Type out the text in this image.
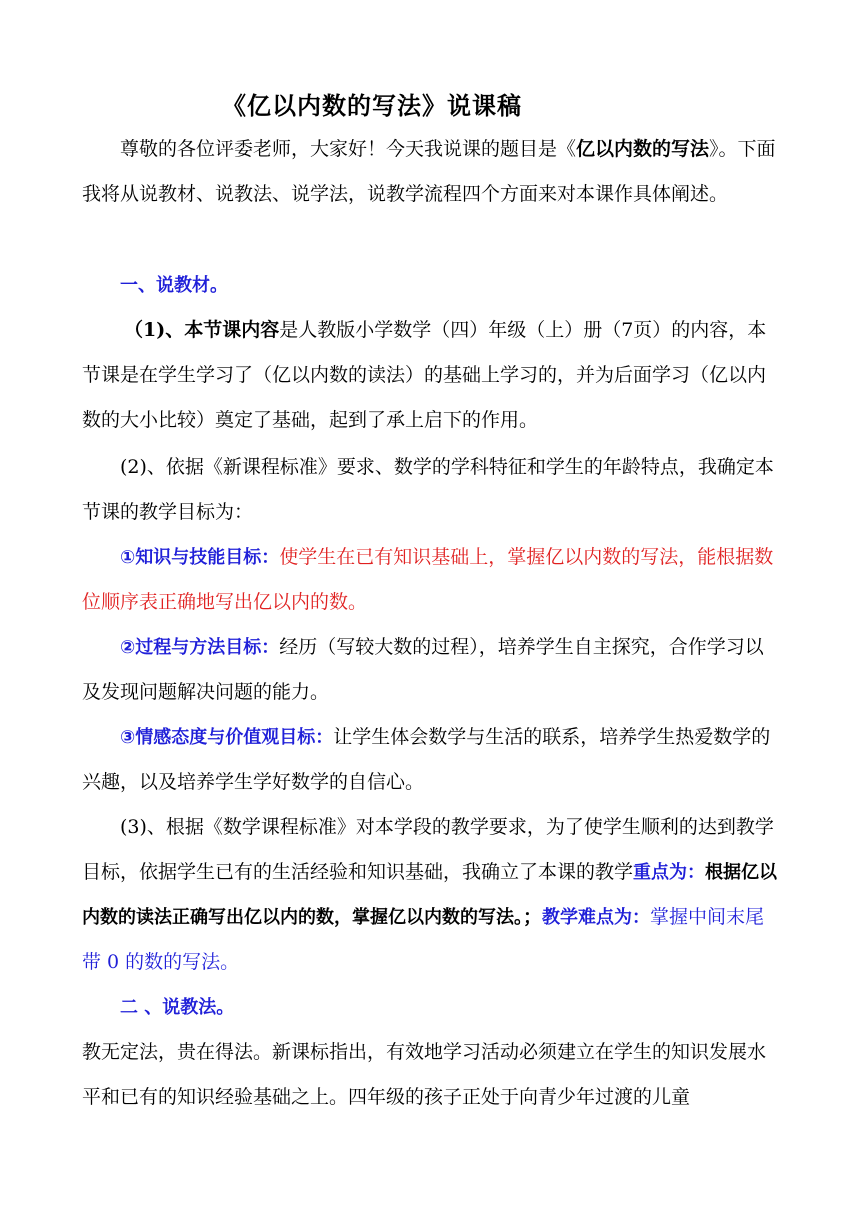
《亿以内数的写法》说课稿

尊敬的各位评委老师，大家好！今天我说课的题目是《亿以内数的写法》。下面我将从说教材、说教法、说学法，说教学流程四个方面来对本课作具体阐述。

一、说教材。

（1)、本节课内容是人教版小学数学（四）年级（上）册（7页）的内容，本节课是在学生学习了（亿以内数的读法）的基础上学习的，并为后面学习（亿以内数的大小比较）奠定了基础，起到了承上启下的作用。

(2)、依据《新课程标准》要求、数学的学科特征和学生的年龄特点，我确定本节课的教学目标为：

①知识与技能目标：使学生在已有知识基础上，掌握亿以内数的写法，能根据数位顺序表正确地写出亿以内的数。

②过程与方法目标：经历（写较大数的过程），培养学生自主探究，合作学习以及发现问题解决问题的能力。

③情感态度与价值观目标：让学生体会数学与生活的联系，培养学生热爱数学的兴趣，以及培养学生学好数学的自信心。

(3)、根据《数学课程标准》对本学段的教学要求，为了使学生顺利的达到教学目标，依据学生已有的生活经验和知识基础，我确立了本课的教学重点为：根据亿以内数的读法正确写出亿以内的数，掌握亿以内数的写法。；教学难点为：掌握中间末尾带 0 的数的写法。

二 、说教法。

教无定法，贵在得法。新课标指出，有效地学习活动必须建立在学生的知识发展水平和已有的知识经验基础之上。四年级的孩子正处于向青少年过渡的儿童
